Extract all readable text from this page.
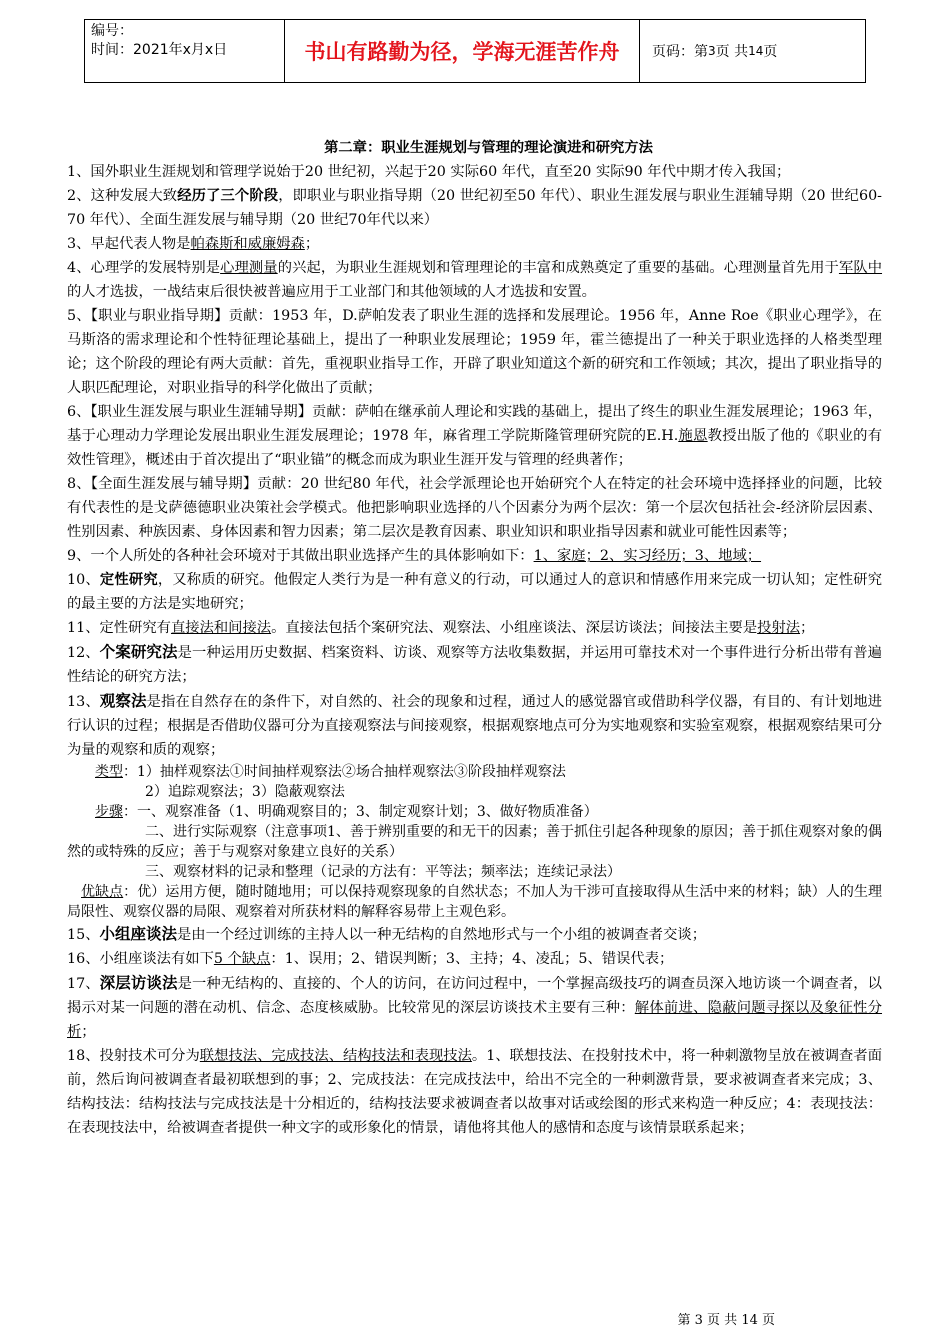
编号：
时间：2021年x月x日	书山有路勤为径，学海无涯苦作舟	页码：第 3 页 共 14 页

第二章：职业生涯规划与管理的理论演进和研究方法

1、国外职业生涯规划和管理学说始于20 世纪初，兴起于20 实际60 年代，直至20 实际90 年代中期才传入我国；

2、这种发展大致经历了三个阶段，即职业与职业指导期（20 世纪初至50 年代）、职业生涯发展与职业生涯辅导期（20 世纪60-70 年代）、全面生涯发展与辅导期（20 世纪70年代以来）

3、早起代表人物是帕森斯和威廉姆森；

4、心理学的发展特别是心理测量的兴起，为职业生涯规划和管理理论的丰富和成熟奠定了重要的基础。心理测量首先用于军队中的人才选拔，一战结束后很快被普遍应用于工业部门和其他领域的人才选拔和安置。

5、【职业与职业指导期】贡献：1953 年，D.萨帕发表了职业生涯的选择和发展理论。1956 年，Anne Roe《职业心理学》，在马斯洛的需求理论和个性特征理论基础上，提出了一种职业发展理论；1959 年，霍兰德提出了一种关于职业选择的人格类型理论；这个阶段的理论有两大贡献：首先，重视职业指导工作，开辟了职业知道这个新的研究和工作领域；其次，提出了职业指导的人职匹配理论，对职业指导的科学化做出了贡献；

6、【职业生涯发展与职业生涯辅导期】贡献：萨帕在继承前人理论和实践的基础上，提出了终生的职业生涯发展理论；1963 年，基于心理动力学理论发展出职业生涯发展理论；1978 年，麻省理工学院斯隆管理研究院的E.H.施恩教授出版了他的《职业的有效性管理》，概述由于首次提出了“职业锚”的概念而成为职业生涯开发与管理的经典著作；

8、【全面生涯发展与辅导期】贡献：20 世纪80 年代，社会学派理论也开始研究个人在特定的社会环境中选择择业的问题，比较有代表性的是戈萨德德职业决策社会学模式。他把影响职业选择的八个因素分为两个层次：第一个层次包括社会-经济阶层因素、性别因素、种族因素、身体因素和智力因素；第二层次是教育因素、职业知识和职业指导因素和就业可能性因素等；

9、一个人所处的各种社会环境对于其做出职业选择产生的具体影响如下：1、家庭；2、实习经历；3、地域；

10、定性研究，又称质的研究。他假定人类行为是一种有意义的行动，可以通过人的意识和情感作用来完成一切认知；定性研究的最主要的方法是实地研究；

11、定性研究有直接法和间接法。直接法包括个案研究法、观察法、小组座谈法、深层访谈法；间接法主要是投射法；

12、个案研究法是一种运用历史数据、档案资料、访谈、观察等方法收集数据，并运用可靠技术对一个事件进行分析出带有普遍性结论的研究方法；

13、观察法是指在自然存在的条件下，对自然的、社会的现象和过程，通过人的感觉器官或借助科学仪器，有目的、有计划地进行认识的过程；根据是否借助仪器可分为直接观察法与间接观察，根据观察地点可分为实地观察和实验室观察，根据观察结果可分为量的观察和质的观察；

类型：1）抽样观察法①时间抽样观察法②场合抽样观察法③阶段抽样观察法

2）追踪观察法；3）隐蔽观察法

步骤：一、观察准备（1、明确观察目的；3、制定观察计划；3、做好物质准备）

二、进行实际观察（注意事项1、善于辨别重要的和无干的因素；善于抓住引起各种现象的原因；善于抓住观察对象的偶然的或特殊的反应；善于与观察对象建立良好的关系）

三、观察材料的记录和整理（记录的方法有：平等法；频率法；连续记录法）

优缺点：优）运用方便，随时随地用；可以保持观察现象的自然状态；不加人为干涉可直接取得从生活中来的材料；缺）人的生理局限性、观察仪器的局限、观察着对所获材料的解释容易带上主观色彩。

15、小组座谈法是由一个经过训练的主持人以一种无结构的自然地形式与一个小组的被调查者交谈；

16、小组座谈法有如下5 个缺点：1、误用；2、错误判断；3、主持；4、凌乱；5、错误代表；

17、深层访谈法是一种无结构的、直接的、个人的访问，在访问过程中，一个掌握高级技巧的调查员深入地访谈一个调查者，以揭示对某一问题的潜在动机、信念、态度核威胁。比较常见的深层访谈技术主要有三种：解体前进、隐蔽问题寻探以及象征性分析；

18、投射技术可分为联想技法、完成技法、结构技法和表现技法。1、联想技法、在投射技术中，将一种刺激物呈放在被调查者面前，然后询问被调查者最初联想到的事；2、完成技法：在完成技法中，给出不完全的一种刺激背景，要求被调查者来完成；3、结构技法：结构技法与完成技法是十分相近的，结构技法要求被调查者以故事对话或绘图的形式来构造一种反应；4：表现技法：在表现技法中，给被调查者提供一种文字的或形象化的情景，请他将其他人的感情和态度与该情景联系起来；

第 3 页 共 14 页
